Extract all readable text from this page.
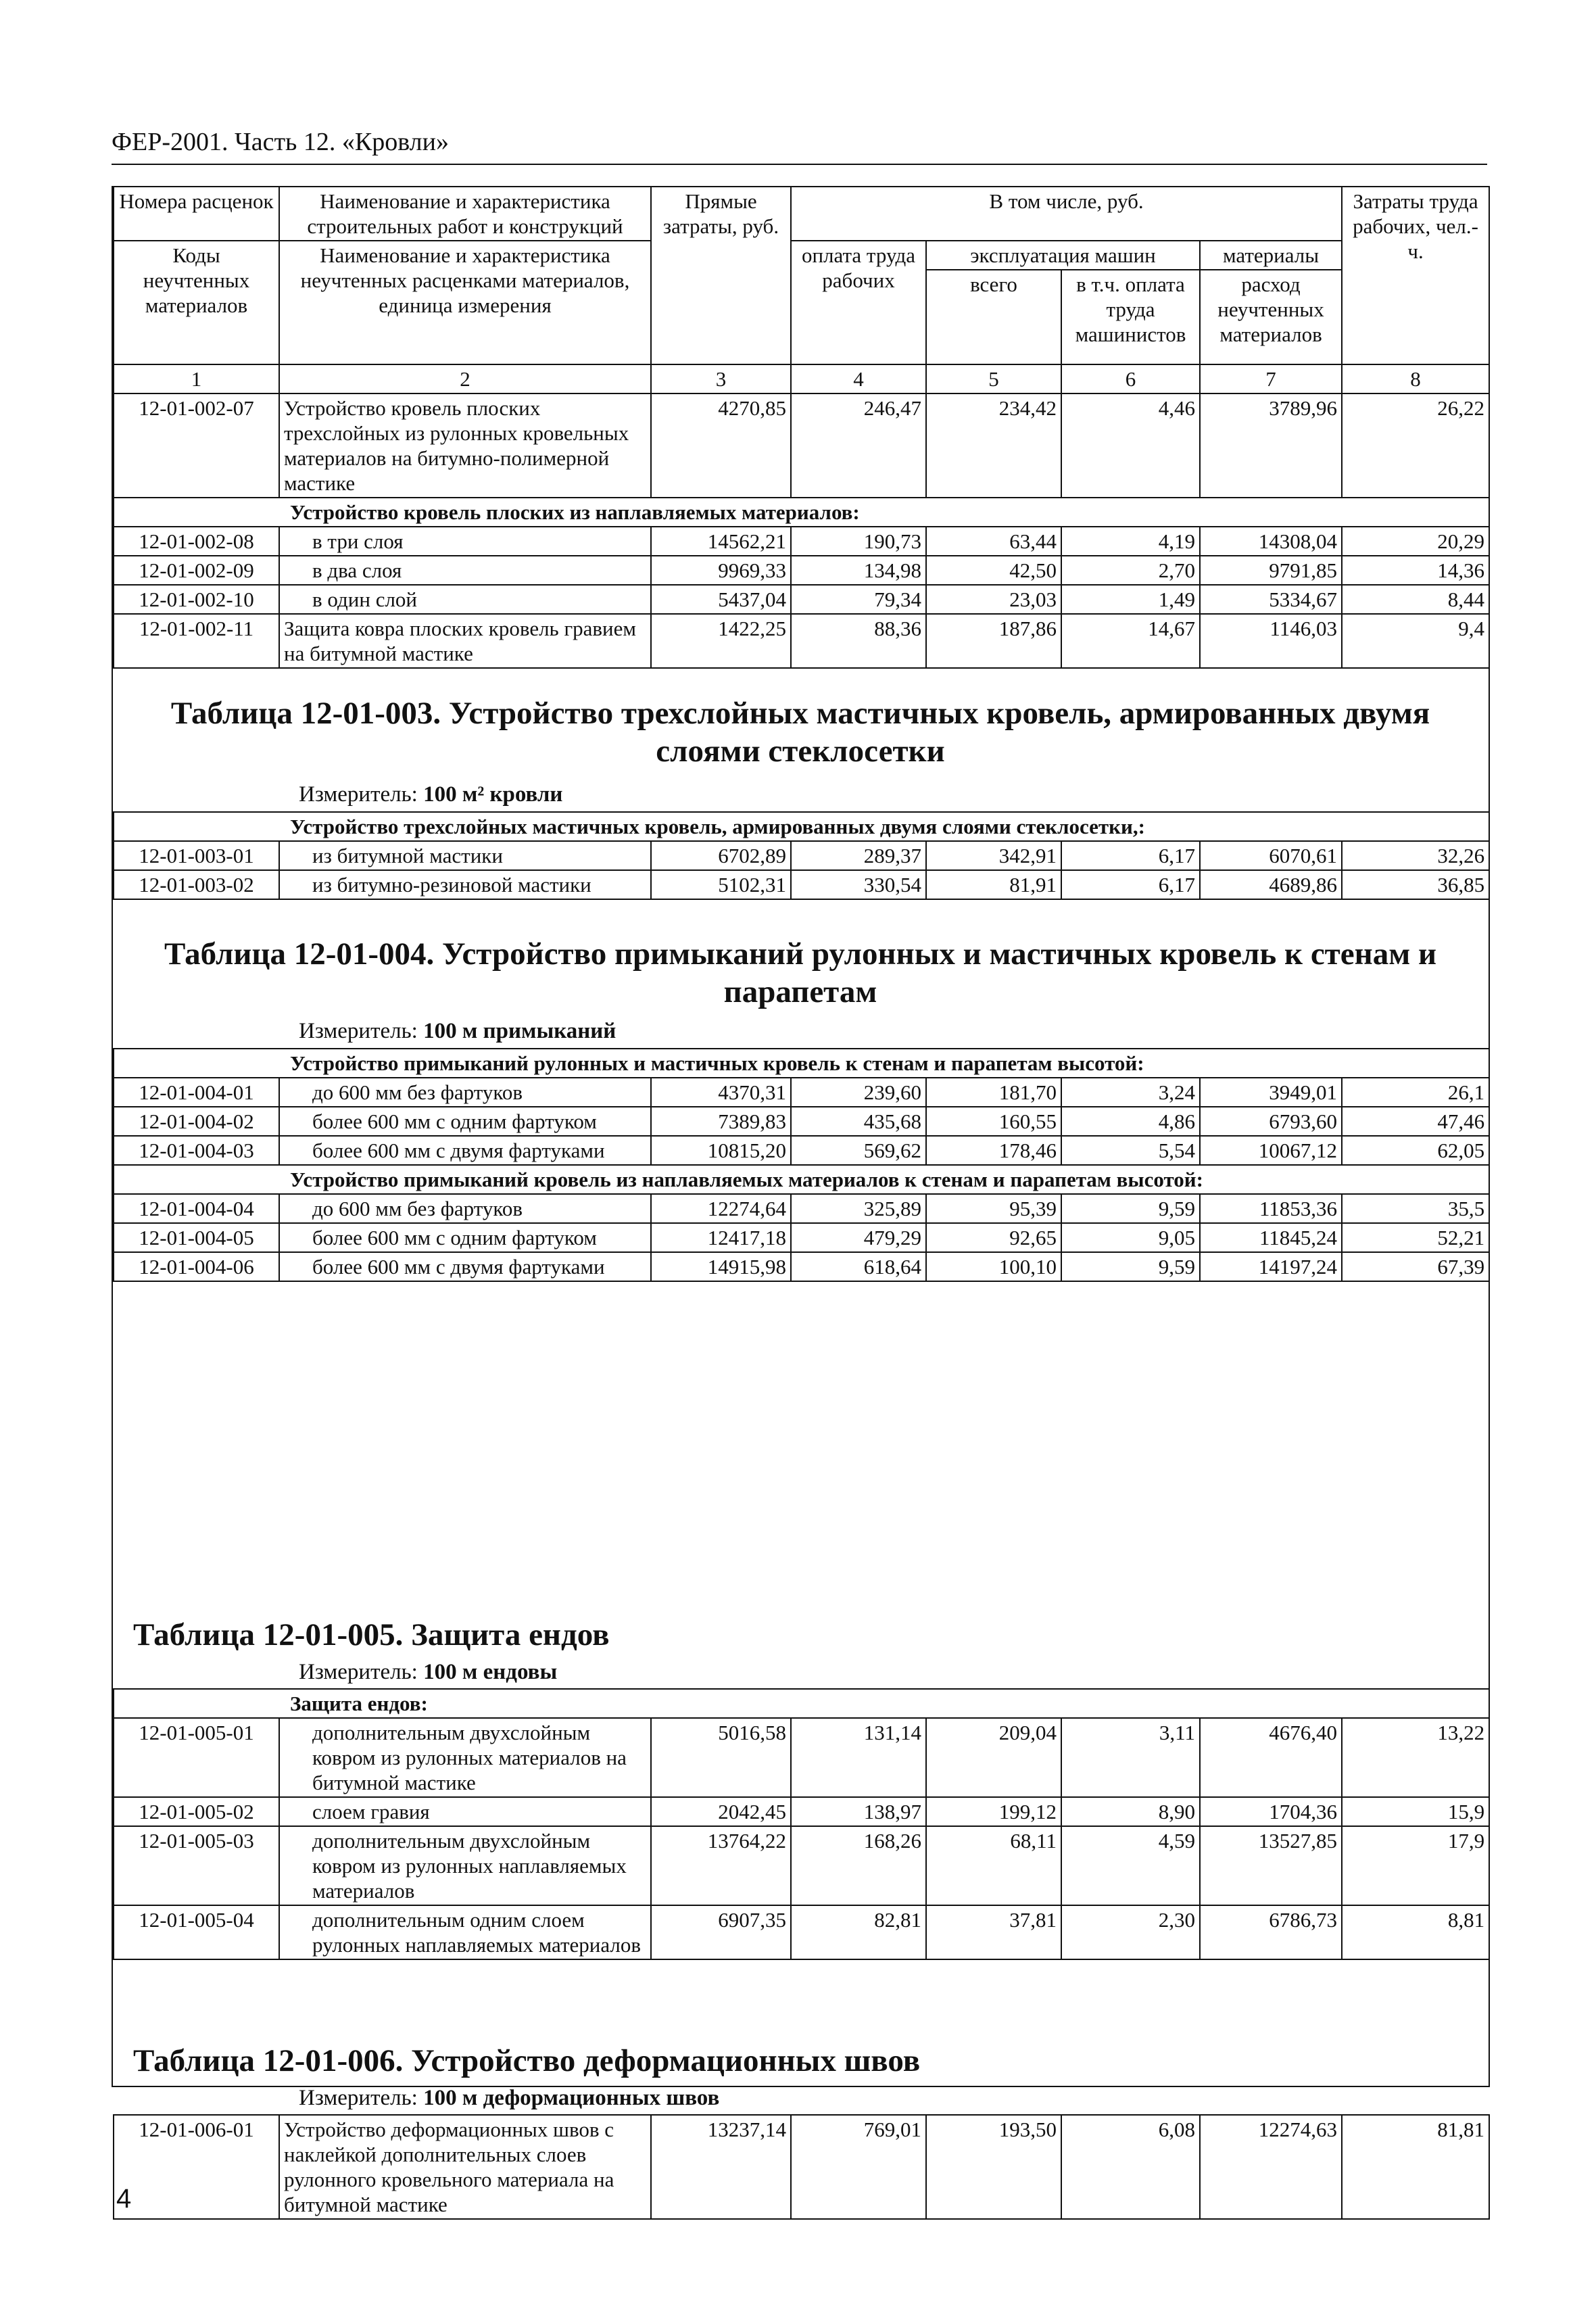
ФЕР-2001. Часть 12. «Кровли»
Номера расценок	Наименование и характеристика строительных работ и конструкций	Прямые затраты, руб.	В том числе, руб.				Затраты труда рабочих, чел.-ч.
Коды неучтенных материалов	Наименование и характеристика неучтенных расценками материалов, единица измерения		оплата труда рабочих	эксплуатация машин		материалы	
				всего	в т.ч. оплата труда машинистов	расход неучтенных материалов	
1	2	3	4	5	6	7	8
12-01-002-07	Устройство кровель плоских трехслойных из рулонных кровельных материалов на битумно-полимерной мастике	4270,85	246,47	234,42	4,46	3789,96	26,22
Устройство кровель плоских из наплавляемых материалов:							
12-01-002-08	в три слоя	14562,21	190,73	63,44	4,19	14308,04	20,29
12-01-002-09	в два слоя	9969,33	134,98	42,50	2,70	9791,85	14,36
12-01-002-10	в один слой	5437,04	79,34	23,03	1,49	5334,67	8,44
12-01-002-11	Защита ковра плоских кровель гравием на битумной мастике	1422,25	88,36	187,86	14,67	1146,03	9,4
Таблица 12-01-003. Устройство трехслойных мастичных кровель, армированных двумя слоями стеклосетки
Измеритель: 100 м² кровли
Устройство трехслойных мастичных кровель, армированных двумя слоями стеклосетки,:							
12-01-003-01	из битумной мастики	6702,89	289,37	342,91	6,17	6070,61	32,26
12-01-003-02	из битумно-резиновой мастики	5102,31	330,54	81,91	6,17	4689,86	36,85
Таблица 12-01-004. Устройство примыканий рулонных и мастичных кровель к стенам и парапетам
Измеритель: 100 м примыканий
Устройство примыканий рулонных и мастичных кровель к стенам и парапетам высотой:							
12-01-004-01	до 600 мм без фартуков	4370,31	239,60	181,70	3,24	3949,01	26,1
12-01-004-02	более 600 мм с одним фартуком	7389,83	435,68	160,55	4,86	6793,60	47,46
12-01-004-03	более 600 мм с двумя фартуками	10815,20	569,62	178,46	5,54	10067,12	62,05
Устройство примыканий кровель из наплавляемых материалов к стенам и парапетам высотой:							
12-01-004-04	до 600 мм без фартуков	12274,64	325,89	95,39	9,59	11853,36	35,5
12-01-004-05	более 600 мм с одним фартуком	12417,18	479,29	92,65	9,05	11845,24	52,21
12-01-004-06	более 600 мм с двумя фартуками	14915,98	618,64	100,10	9,59	14197,24	67,39
Таблица 12-01-005. Защита ендов
Измеритель: 100 м ендовы
Защита ендов:							
12-01-005-01	дополнительным двухслойным ковром из рулонных материалов на битумной мастике	5016,58	131,14	209,04	3,11	4676,40	13,22
12-01-005-02	слоем гравия	2042,45	138,97	199,12	8,90	1704,36	15,9
12-01-005-03	дополнительным двухслойным ковром из рулонных наплавляемых материалов	13764,22	168,26	68,11	4,59	13527,85	17,9
12-01-005-04	дополнительным одним слоем рулонных наплавляемых материалов	6907,35	82,81	37,81	2,30	6786,73	8,81
Таблица 12-01-006. Устройство деформационных швов
Измеритель: 100 м деформационных швов
12-01-006-01	Устройство деформационных швов с наклейкой дополнительных слоев рулонного кровельного материала на битумной мастике	13237,14	769,01	193,50	6,08	12274,63	81,81
4
